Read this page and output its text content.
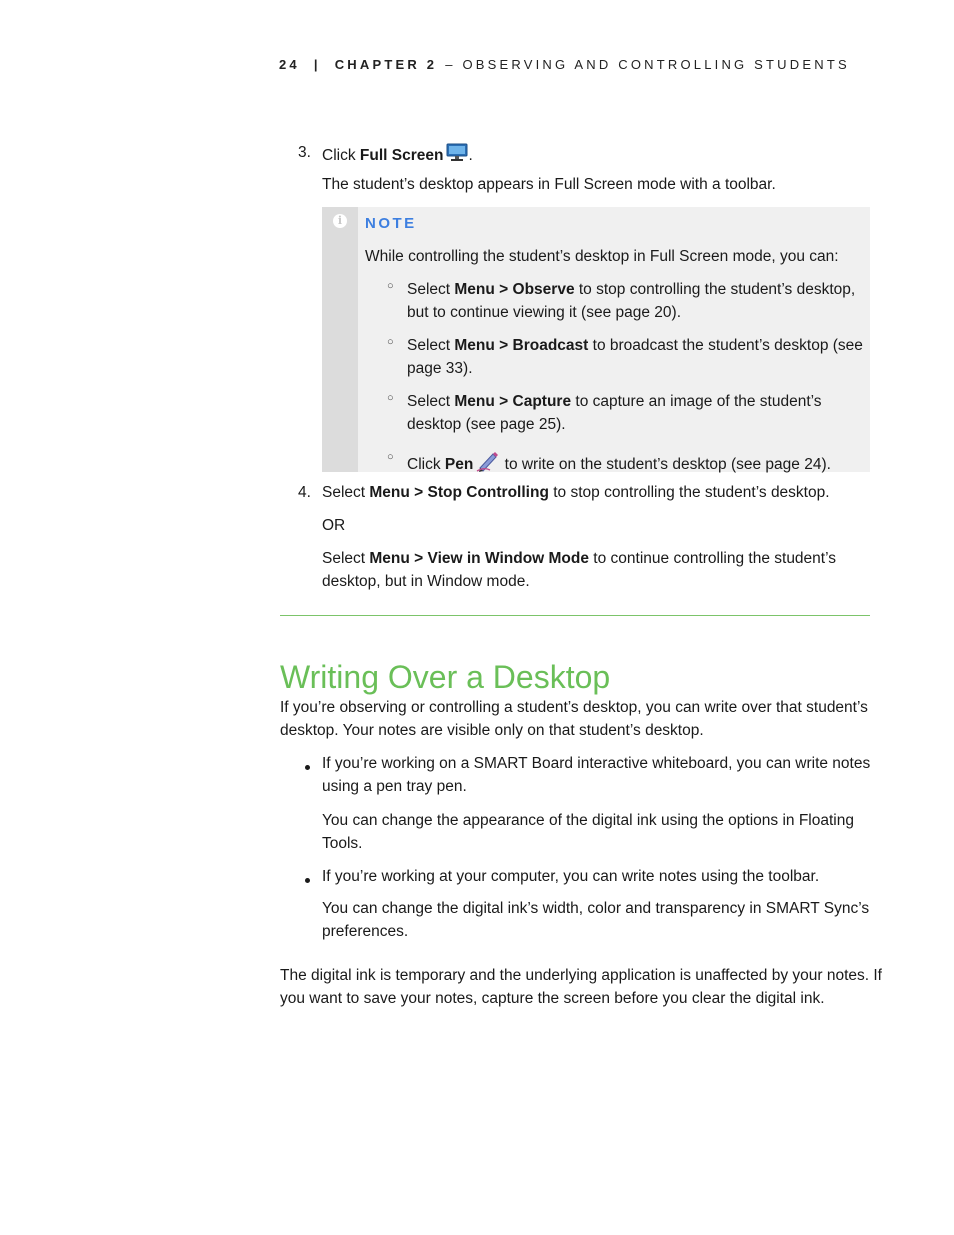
24 | CHAPTER 2 – OBSERVING AND CONTROLLING STUDENTS
3. Click Full Screen .
The student’s desktop appears in Full Screen mode with a toolbar.
i	NOTE
While controlling the student’s desktop in Full Screen mode, you can:
○ Select Menu > Observe to stop controlling the student’s desktop,
but to continue viewing it (see page 20).
○ Select Menu > Broadcast to broadcast the student’s desktop (see
page 33).
○ Select Menu > Capture to capture an image of the student’s
desktop (see page 25).
○ Click Pen to write on the student’s desktop (see page 24).
4. Select Menu > Stop Controlling to stop controlling the student’s desktop.
OR
Select Menu > View in Window Mode to continue controlling the student’s
desktop, but in Window mode.
Writing Over a Desktop
If you’re observing or controlling a student’s desktop, you can write over that student’s
desktop. Your notes are visible only on that student’s desktop.
If you’re working on a SMART Board interactive whiteboard, you can write notes
using a pen tray pen.
You can change the appearance of the digital ink using the options in Floating
Tools.
If you’re working at your computer, you can write notes using the toolbar.
You can change the digital ink’s width, color and transparency in SMART Sync’s
preferences.
The digital ink is temporary and the underlying application is unaffected by your notes. If
you want to save your notes, capture the screen before you clear the digital ink.
